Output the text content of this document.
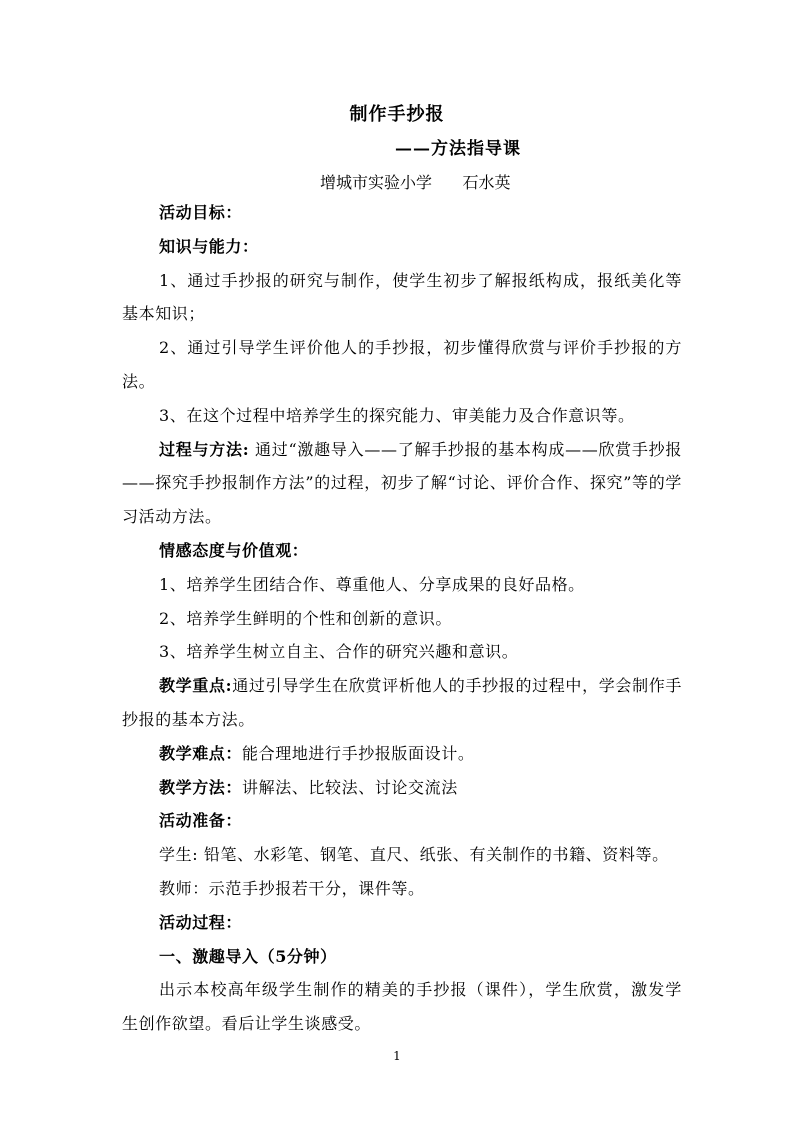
制作手抄报
——方法指导课
增城市实验小学      石水英

活动目标：

知识与能力：

1、通过手抄报的研究与制作，使学生初步了解报纸构成，报纸美化等基本知识；

2、通过引导学生评价他人的手抄报，初步懂得欣赏与评价手抄报的方法。

3、在这个过程中培养学生的探究能力、审美能力及合作意识等。

过程与方法: 通过“激趣导入——了解手抄报的基本构成——欣赏手抄报——探究手抄报制作方法”的过程，初步了解“讨论、评价合作、探究”等的学习活动方法。

情感态度与价值观：

1、培养学生团结合作、尊重他人、分享成果的良好品格。

2、培养学生鲜明的个性和创新的意识。

3、培养学生树立自主、合作的研究兴趣和意识。

教学重点:通过引导学生在欣赏评析他人的手抄报的过程中，学会制作手抄报的基本方法。

教学难点：能合理地进行手抄报版面设计。

教学方法：讲解法、比较法、讨论交流法

活动准备：

学生: 铅笔、水彩笔、钢笔、直尺、纸张、有关制作的书籍、资料等。

教师：示范手抄报若干分，课件等。

活动过程：

一、激趣导入（5分钟）

出示本校高年级学生制作的精美的手抄报（课件），学生欣赏，激发学生创作欲望。看后让学生谈感受。

1
